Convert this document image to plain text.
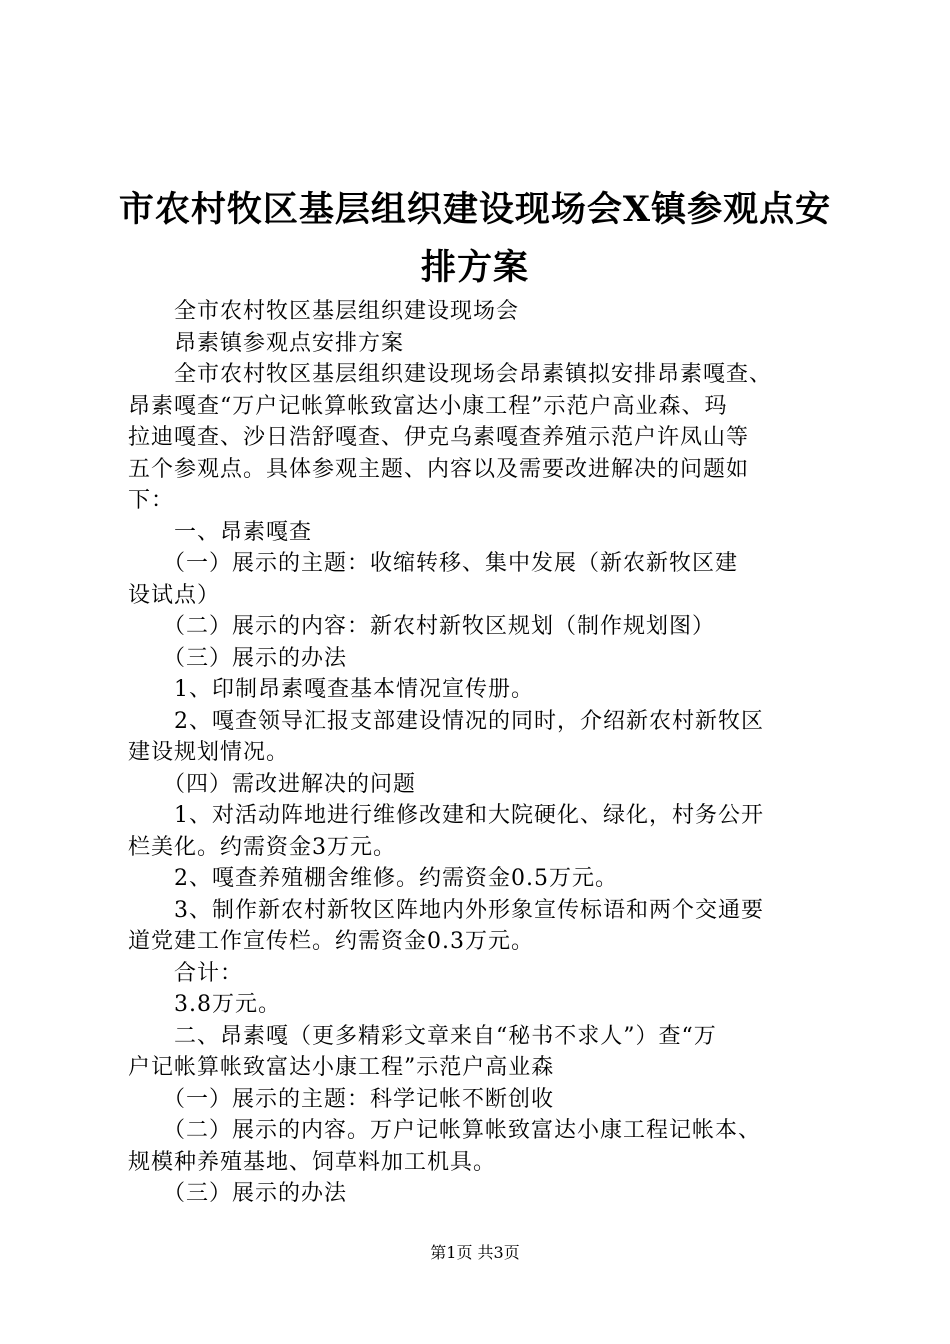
市农村牧区基层组织建设现场会X镇参观点安
排方案

　　全市农村牧区基层组织建设现场会

　　昂素镇参观点安排方案

　　全市农村牧区基层组织建设现场会昂素镇拟安排昂素嘎查、

昂素嘎查“万户记帐算帐致富达小康工程”示范户高业森、玛

拉迪嘎查、沙日浩舒嘎查、伊克乌素嘎查养殖示范户许凤山等

五个参观点。具体参观主题、内容以及需要改进解决的问题如

下：

　　一、昂素嘎查

　　（一）展示的主题：收缩转移、集中发展（新农新牧区建

设试点）

　　（二）展示的内容：新农村新牧区规划（制作规划图）

　　（三）展示的办法

　　1、印制昂素嘎查基本情况宣传册。

　　2、嘎查领导汇报支部建设情况的同时，介绍新农村新牧区

建设规划情况。

　　（四）需改进解决的问题

　　1、对活动阵地进行维修改建和大院硬化、绿化，村务公开

栏美化。约需资金3万元。

　　2、嘎查养殖棚舍维修。约需资金0.5万元。

　　3、制作新农村新牧区阵地内外形象宣传标语和两个交通要

道党建工作宣传栏。约需资金0.3万元。

　　合计：

　　3.8万元。

　　二、昂素嘎（更多精彩文章来自“秘书不求人”）查“万

户记帐算帐致富达小康工程”示范户高业森

　　（一）展示的主题：科学记帐不断创收

　　（二）展示的内容。万户记帐算帐致富达小康工程记帐本、

规模种养殖基地、饲草料加工机具。

　　（三）展示的办法

第1页 共3页
